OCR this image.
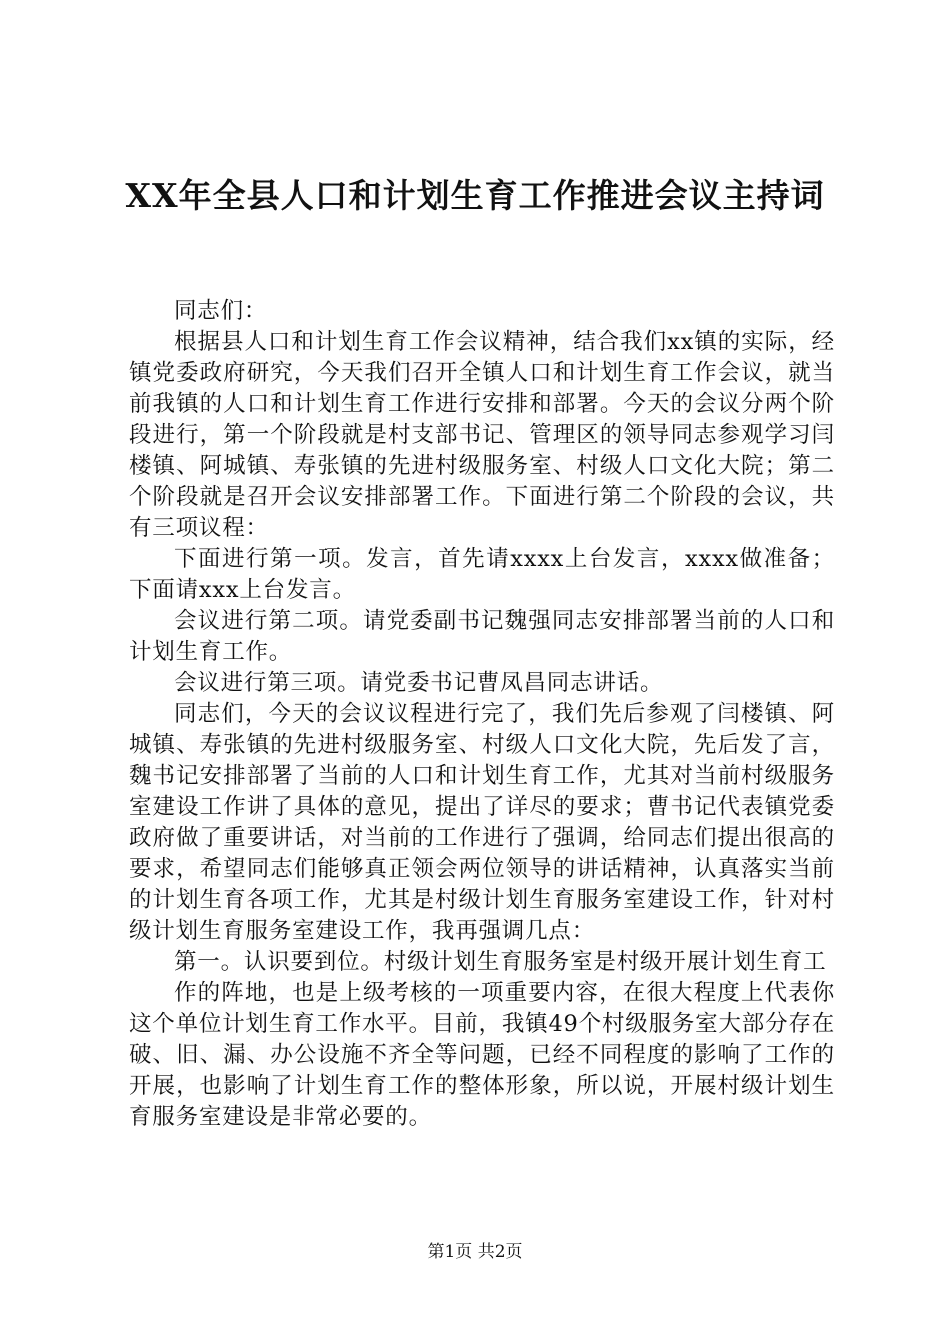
XX年全县人口和计划生育工作推进会议主持词

同志们：

根据县人口和计划生育工作会议精神，结合我们xx镇的实际，经镇党委政府研究，今天我们召开全镇人口和计划生育工作会议，就当前我镇的人口和计划生育工作进行安排和部署。今天的会议分两个阶段进行，第一个阶段就是村支部书记、管理区的领导同志参观学习闫楼镇、阿城镇、寿张镇的先进村级服务室、村级人口文化大院；第二个阶段就是召开会议安排部署工作。下面进行第二个阶段的会议，共有三项议程：

下面进行第一项。发言，首先请xxxx上台发言，xxxx做准备；下面请xxx上台发言。

会议进行第二项。请党委副书记魏强同志安排部署当前的人口和计划生育工作。

会议进行第三项。请党委书记曹凤昌同志讲话。

同志们，今天的会议议程进行完了，我们先后参观了闫楼镇、阿城镇、寿张镇的先进村级服务室、村级人口文化大院，先后发了言，魏书记安排部署了当前的人口和计划生育工作，尤其对当前村级服务室建设工作讲了具体的意见，提出了详尽的要求；曹书记代表镇党委政府做了重要讲话，对当前的工作进行了强调，给同志们提出很高的要求，希望同志们能够真正领会两位领导的讲话精神，认真落实当前的计划生育各项工作，尤其是村级计划生育服务室建设工作，针对村级计划生育服务室建设工作，我再强调几点：

第一。认识要到位。村级计划生育服务室是村级开展计划生育工

作的阵地，也是上级考核的一项重要内容，在很大程度上代表你这个单位计划生育工作水平。目前，我镇49个村级服务室大部分存在破、旧、漏、办公设施不齐全等问题，已经不同程度的影响了工作的开展，也影响了计划生育工作的整体形象，所以说，开展村级计划生育服务室建设是非常必要的。

第1页 共2页
